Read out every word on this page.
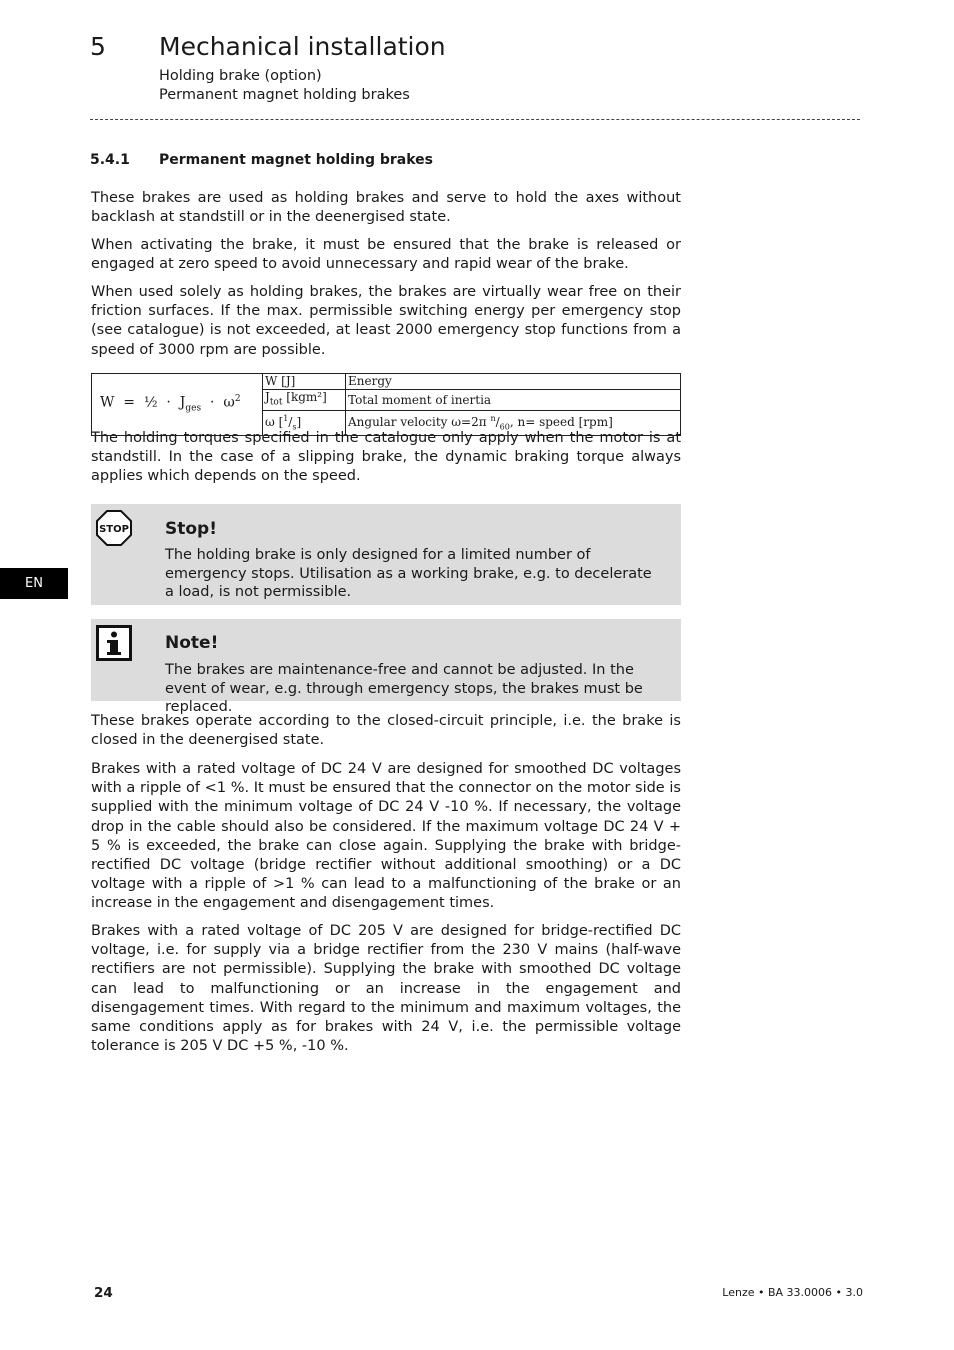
5 Mechanical installation
Holding brake (option)
Permanent magnet holding brakes
5.4.1 Permanent magnet holding brakes

These brakes are used as holding brakes and serve to hold the axes without backlash at standstill or in the deenergised state.

When activating the brake, it must be ensured that the brake is released or engaged at zero speed to avoid unnecessary and rapid wear of the brake.

When used solely as holding brakes, the brakes are virtually wear free on their friction surfaces. If the max. permissible switching energy per emergency stop (see catalogue) is not exceeded, at least 2000 emergency stop functions from a speed of 3000 rpm are possible.

W = ½ · $J_{ges} \cdot \omega^2$	W [J]	Energy
	$J_{tot}$ [kgm²]	Total moment of inertia
	ω $[^1/_s]$	Angular velocity ω=2π $^n/_{60}$, n= speed [rpm]

The holding torques specified in the catalogue only apply when the motor is at standstill. In the case of a slipping brake, the dynamic braking torque always applies which depends on the speed.

STOP Stop!
The holding brake is only designed for a limited number of emergency stops. Utilisation as a working brake, e.g. to decelerate a load, is not permissible.
EN
Note!
The brakes are maintenance-free and cannot be adjusted. In the event of wear, e.g. through emergency stops, the brakes must be replaced.

These brakes operate according to the closed-circuit principle, i.e. the brake is closed in the deenergised state.

Brakes with a rated voltage of DC 24 V are designed for smoothed DC voltages with a ripple of <1 %. It must be ensured that the connector on the motor side is supplied with the minimum voltage of DC 24 V -10 %. If necessary, the voltage drop in the cable should also be considered. If the maximum voltage DC 24 V + 5 % is exceeded, the brake can close again. Supplying the brake with bridge-rectified DC voltage (bridge rectifier without additional smoothing) or a DC voltage with a ripple of >1 % can lead to a malfunctioning of the brake or an increase in the engagement and disengagement times.

Brakes with a rated voltage of DC 205 V are designed for bridge-rectified DC voltage, i.e. for supply via a bridge rectifier from the 230 V mains (half-wave rectifiers are not permissible). Supplying the brake with smoothed DC voltage can lead to malfunctioning or an increase in the engagement and disengagement times. With regard to the minimum and maximum voltages, the same conditions apply as for brakes with 24 V, i.e. the permissible voltage tolerance is 205 V DC +5 %, -10 %.

24	Lenze • BA 33.0006 • 3.0
